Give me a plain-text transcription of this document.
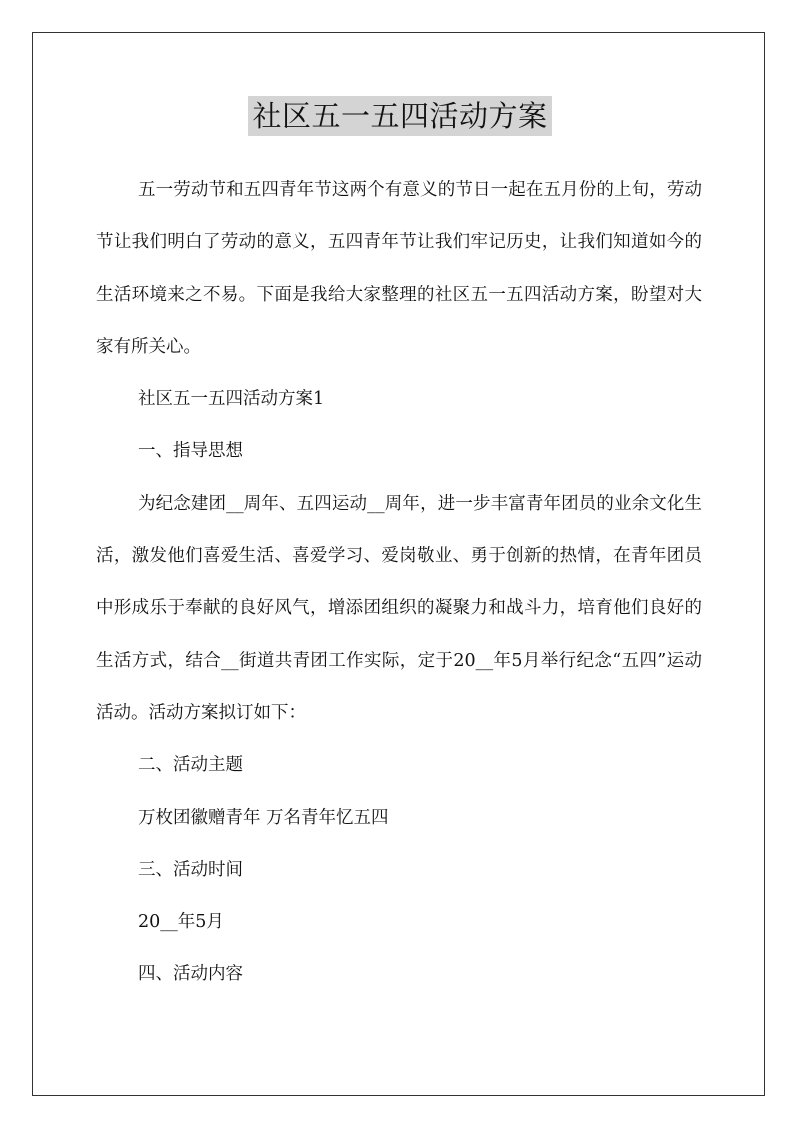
社区五一五四活动方案

五一劳动节和五四青年节这两个有意义的节日一起在五月份的上旬，劳动节让我们明白了劳动的意义，五四青年节让我们牢记历史，让我们知道如今的生活环境来之不易。下面是我给大家整理的社区五一五四活动方案，盼望对大家有所关心。

社区五一五四活动方案1

一、指导思想

为纪念建团__周年、五四运动__周年，进一步丰富青年团员的业余文化生活，激发他们喜爱生活、喜爱学习、爱岗敬业、勇于创新的热情，在青年团员中形成乐于奉献的良好风气，增添团组织的凝聚力和战斗力，培育他们良好的生活方式，结合__街道共青团工作实际，定于20__年5月举行纪念“五四”运动活动。活动方案拟订如下：

二、活动主题

万枚团徽赠青年 万名青年忆五四

三、活动时间

20__年5月

四、活动内容
